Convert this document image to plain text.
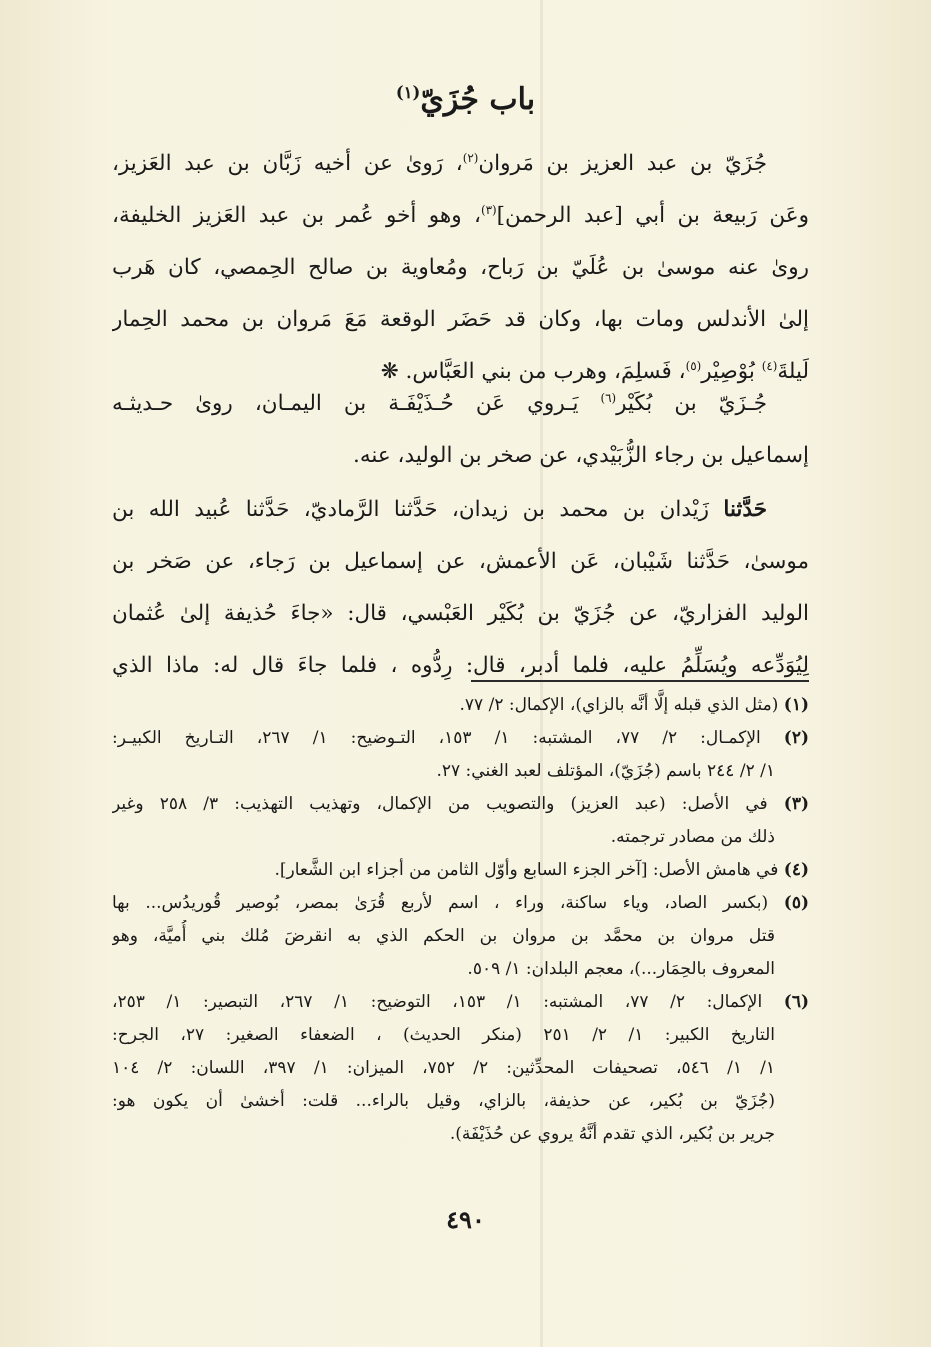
باب جُزَيّ$^{(١)}$
جُزَيّ بن عبد العزيز بن مَروان$^{(٢)}$، رَوىٰ عن أخيه زَبَّان بن عبد العَزيز،
وعَن رَبيعة بن أبي [عبد الرحمن]$^{(٣)}$، وهو أخو عُمر بن عبد العَزيز الخليفة،
روىٰ عنه موسىٰ بن عُلَيّ بن رَباح، ومُعاوية بن صالح الحِمصي، كان هَرب
إلىٰ الأندلس ومات بها، وكان قد حَضَر الوقعة مَعَ مَروان بن محمد الحِمار
لَيلةَ$^{(٤)}$ بُوْصِيْر$^{(٥)}$، فَسلِمَ، وهرب من بني العَبَّاس. ❋
جُـزَيّ بن بُكَيْر$^{(٦)}$ يَـروي عَن حُـذَيْفَـة بن اليمـان، روىٰ حـديثـه
إسماعيل بن رجاء الزُّبَيْدي، عن صخر بن الوليد، عنه.
حَدَّثنا زَيْدان بن محمد بن زيدان، حَدَّثنا الرَّماديّ، حَدَّثنا عُبيد الله بن
موسىٰ، حَدَّثنا شَيْبان، عَن الأعمش، عن إسماعيل بن رَجاء، عن صَخر بن
الوليد الفزاريّ، عن جُزَيّ بن بُكَيْر العَبْسي، قال: «جاءَ حُذيفة إلىٰ عُثمان
لِيُوَدِّعه ويُسَلِّمُ عليه، فلما أدبر، قال: رِدُّوه ، فلما جاءَ قال له: ماذا الذي
(١) (مثل الذي قبله إلَّا أنَّه بالزاي)، الإكمال: ٢/ ٧٧.
(٢) الإكمـال: ٢/ ٧٧، المشتبه: ١/ ١٥٣، التـوضيح: ١/ ٢٦٧، التـاريخ الكبيـر:
١/ ٢/ ٢٤٤ باسم (جُزَيّ)، المؤتلف لعبد الغني: ٢٧.
(٣) في الأصل: (عبد العزيز) والتصويب من الإكمال، وتهذيب التهذيب: ٣/ ٢٥٨ وغير
ذلك من مصادر ترجمته.
(٤) في هامش الأصل: [آخر الجزء السابع وأوّل الثامن من أجزاء ابن الشَّعار].
(٥) (بكسر الصاد، وياء ساكنة، وراء ، اسم لأربع قُرَىٰ بمصر، بُوصير قُوريدُس... بها
قتل مروان بن محمَّد بن مروان بن الحكم الذي به انقرضَ مُلك بني أُميَّة، وهو
المعروف بالحِمَار...)، معجم البلدان: ١/ ٥٠٩.
(٦) الإكمال: ٢/ ٧٧، المشتبه: ١/ ١٥٣، التوضيح: ١/ ٢٦٧، التبصير: ١/ ٢٥٣،
التاريخ الكبير: ١/ ٢/ ٢٥١ (منكر الحديث) ، الضعفاء الصغير: ٢٧، الجرح:
١/ ١/ ٥٤٦، تصحيفات المحدِّثين: ٢/ ٧٥٢، الميزان: ١/ ٣٩٧، اللسان: ٢/ ١٠٤
(جُزَيّ بن بُكير، عن حذيفة، بالزاي، وقيل بالراء... قلت: أخشىٰ أن يكون هو:
جرير بن بُكير، الذي تقدم أنَّهُ يروي عن حُذَيْفَة).
٤٩٠
